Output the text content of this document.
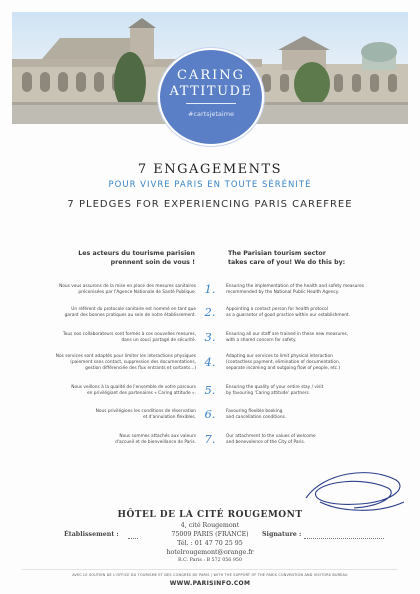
CARING
ATTITUDE
#cartsjetaime
7 ENGAGEMENTS
POUR VIVRE PARIS EN TOUTE SÉRÉNITÉ
7 PLEDGES FOR EXPERIENCING PARIS CAREFREE
Les acteurs du tourisme parisien
prennent soin de vous !
The Parisian tourism sector
takes care of you! We do this by:
Nous vous assurons de la mise en place des mesures sanitaires
préconisées par l'Agence Nationale de Santé Publique. 1.	Ensuring the implementation of the health and safety measures
recommended by the National Public Health Agency.
Un référent du protocole sanitaire est nommé en tant que
garant des bonnes pratiques au sein de notre établissement. 2.	Appointing a contact person for health protocol
as a guarantor of good practice within our establishment.
Tous nos collaborateurs sont formés à ces nouvelles mesures,
dans un souci partagé de sécurité. 3.	Ensuring all our staff are trained in these new measures,
with a shared concern for safety.
Nos services sont adaptés pour limiter les interactions physiques
(paiement sans contact, suppression des documentations,
gestion différenciée des flux entrants et sortants...) 4.	Adapting our services to limit physical interaction
(contactless payment, elimination of documentation,
separate incoming and outgoing flow of people, etc.)
Nous veillons à la qualité de l'ensemble de votre parcours
en privilégiant des partenaires « Caring attitude ». 5.	Ensuring the quality of your entire stay / visit
by favouring 'Caring attitude' partners.
Nous privilégions les conditions de réservation
et d'annulation flexibles. 6.	Favouring flexible booking
and cancellation conditions.
Nous sommes attachés aux valeurs
d'accueil et de bienveillance de Paris. 7.	Our attachment to the values of welcome
and benevolence of the City of Paris.
HÔTEL DE LA CITÉ ROUGEMONT
4, cité Rougemont
75009 PARIS (FRANCE)
Tél. : 01 47 70 25 95
hotelrougemont@orange.fr
R.C. Paris : B 572 056 950
Établissement :	Signature :
AVEC LE SOUTIEN DE L'OFFICE DU TOURISME ET DES CONGRÈS DE PARIS | WITH THE SUPPORT OF THE PARIS CONVENTION AND VISITORS BUREAU
WWW.PARISINFO.COM
